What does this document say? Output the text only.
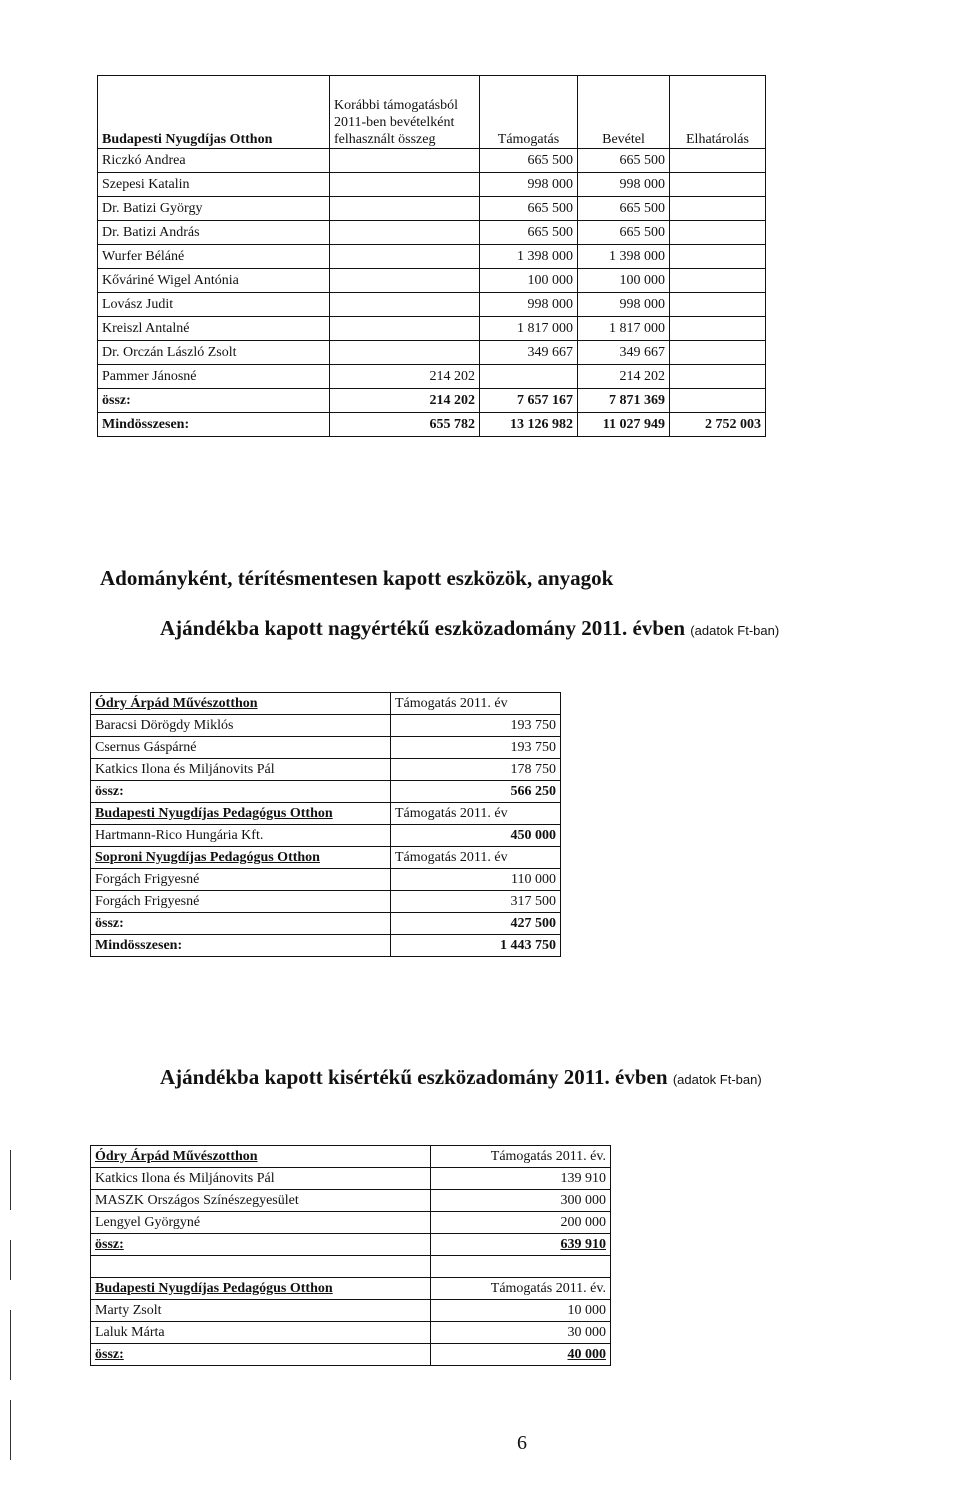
Budapesti Nyugdíjas Otthon	Korábbi támogatásból 2011-ben bevételként felhasznált összeg	Támogatás	Bevétel	Elhatárolás
Riczkó Andrea		665 500	665 500	
Szepesi Katalin		998 000	998 000	
Dr. Batizi György		665 500	665 500	
Dr. Batizi András		665 500	665 500	
Wurfer Béláné		1 398 000	1 398 000	
Kőváriné Wigel Antónia		100 000	100 000	
Lovász Judit		998 000	998 000	
Kreiszl Antalné		1 817 000	1 817 000	
Dr. Orczán László Zsolt		349 667	349 667	
Pammer Jánosné	214 202		214 202	
össz:	214 202	7 657 167	7 871 369	
Mindösszesen:	655 782	13 126 982	11 027 949	2 752 003
Adományként, térítésmentesen kapott eszközök, anyagok
Ajándékba kapott nagyértékű eszközadomány 2011. évben (adatok Ft-ban)
Ódry Árpád Művészotthon	Támogatás 2011. év
Baracsi Dörögdy Miklós	193 750
Csernus Gáspárné	193 750
Katkics Ilona és Miljánovits Pál	178 750
össz:	566 250
Budapesti Nyugdíjas Pedagógus Otthon	Támogatás 2011. év
Hartmann-Rico Hungária Kft.	450 000
Soproni Nyugdíjas Pedagógus Otthon	Támogatás 2011. év
Forgách Frigyesné	110 000
Forgách Frigyesné	317 500
össz:	427 500
Mindösszesen:	1 443 750
Ajándékba kapott kisértékű eszközadomány 2011. évben (adatok Ft-ban)
Ódry Árpád Művészotthon	Támogatás 2011. év.
Katkics Ilona és Miljánovits Pál	139 910
MASZK Országos Színészegyesület	300 000
Lengyel Györgyné	200 000
össz:	639 910

Budapesti Nyugdíjas Pedagógus Otthon	Támogatás 2011. év.
Marty Zsolt	10 000
Laluk Márta	30 000
össz:	40 000
6
